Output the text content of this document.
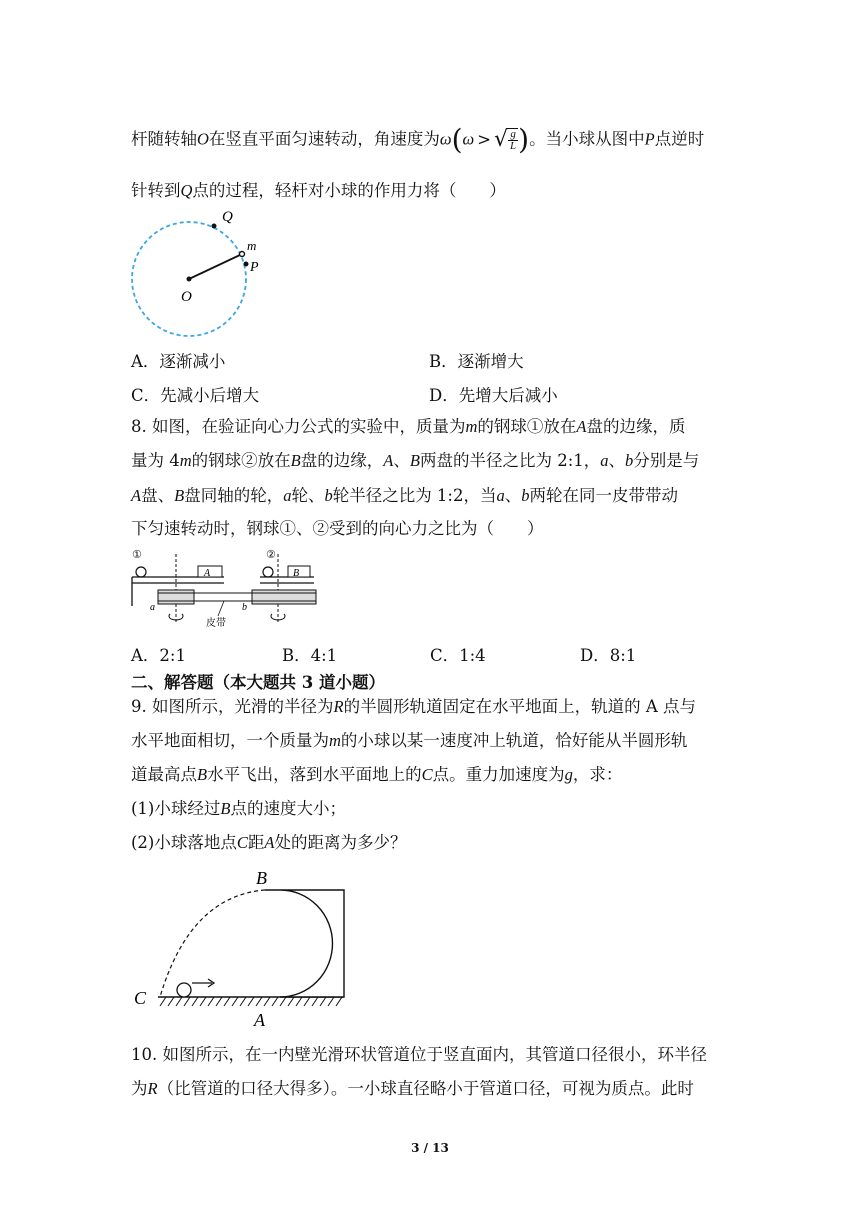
杆随转轴O在竖直平面匀速转动，角速度为ω(ω > √ $\frac{g}{L}$ )。当小球从图中P点逆时
针转到Q点的过程，轻杆对小球的作用力将（　　）
Q
m
P
O
A．逐渐减小	B．逐渐增大
C．先减小后增大	D．先增大后减小
8. 如图，在验证向心力公式的实验中，质量为m的钢球①放在A盘的边缘，质
量为 4m的钢球②放在B盘的边缘，A、B两盘的半径之比为 2:1，a、b分别是与
A盘、B盘同轴的轮，a轮、b轮半径之比为 1:2，当a、b两轮在同一皮带带动
下匀速转动时，钢球①、②受到的向心力之比为（　　）
①	②
A	B
a	b
皮带
A．2:1	B．4:1	C．1:4	D．8:1
二、解答题（本大题共 3 道小题）
9. 如图所示，光滑的半径为R的半圆形轨道固定在水平地面上，轨道的 A 点与
水平地面相切，一个质量为m的小球以某一速度冲上轨道，恰好能从半圆形轨
道最高点B水平飞出，落到水平面地上的C点。重力加速度为g，求：
(1)小球经过B点的速度大小；
(2)小球落地点C距A处的距离为多少？
B
C
A
10. 如图所示，在一内壁光滑环状管道位于竖直面内，其管道口径很小，环半径
为R（比管道的口径大得多）。一小球直径略小于管道口径，可视为质点。此时
3 / 13
